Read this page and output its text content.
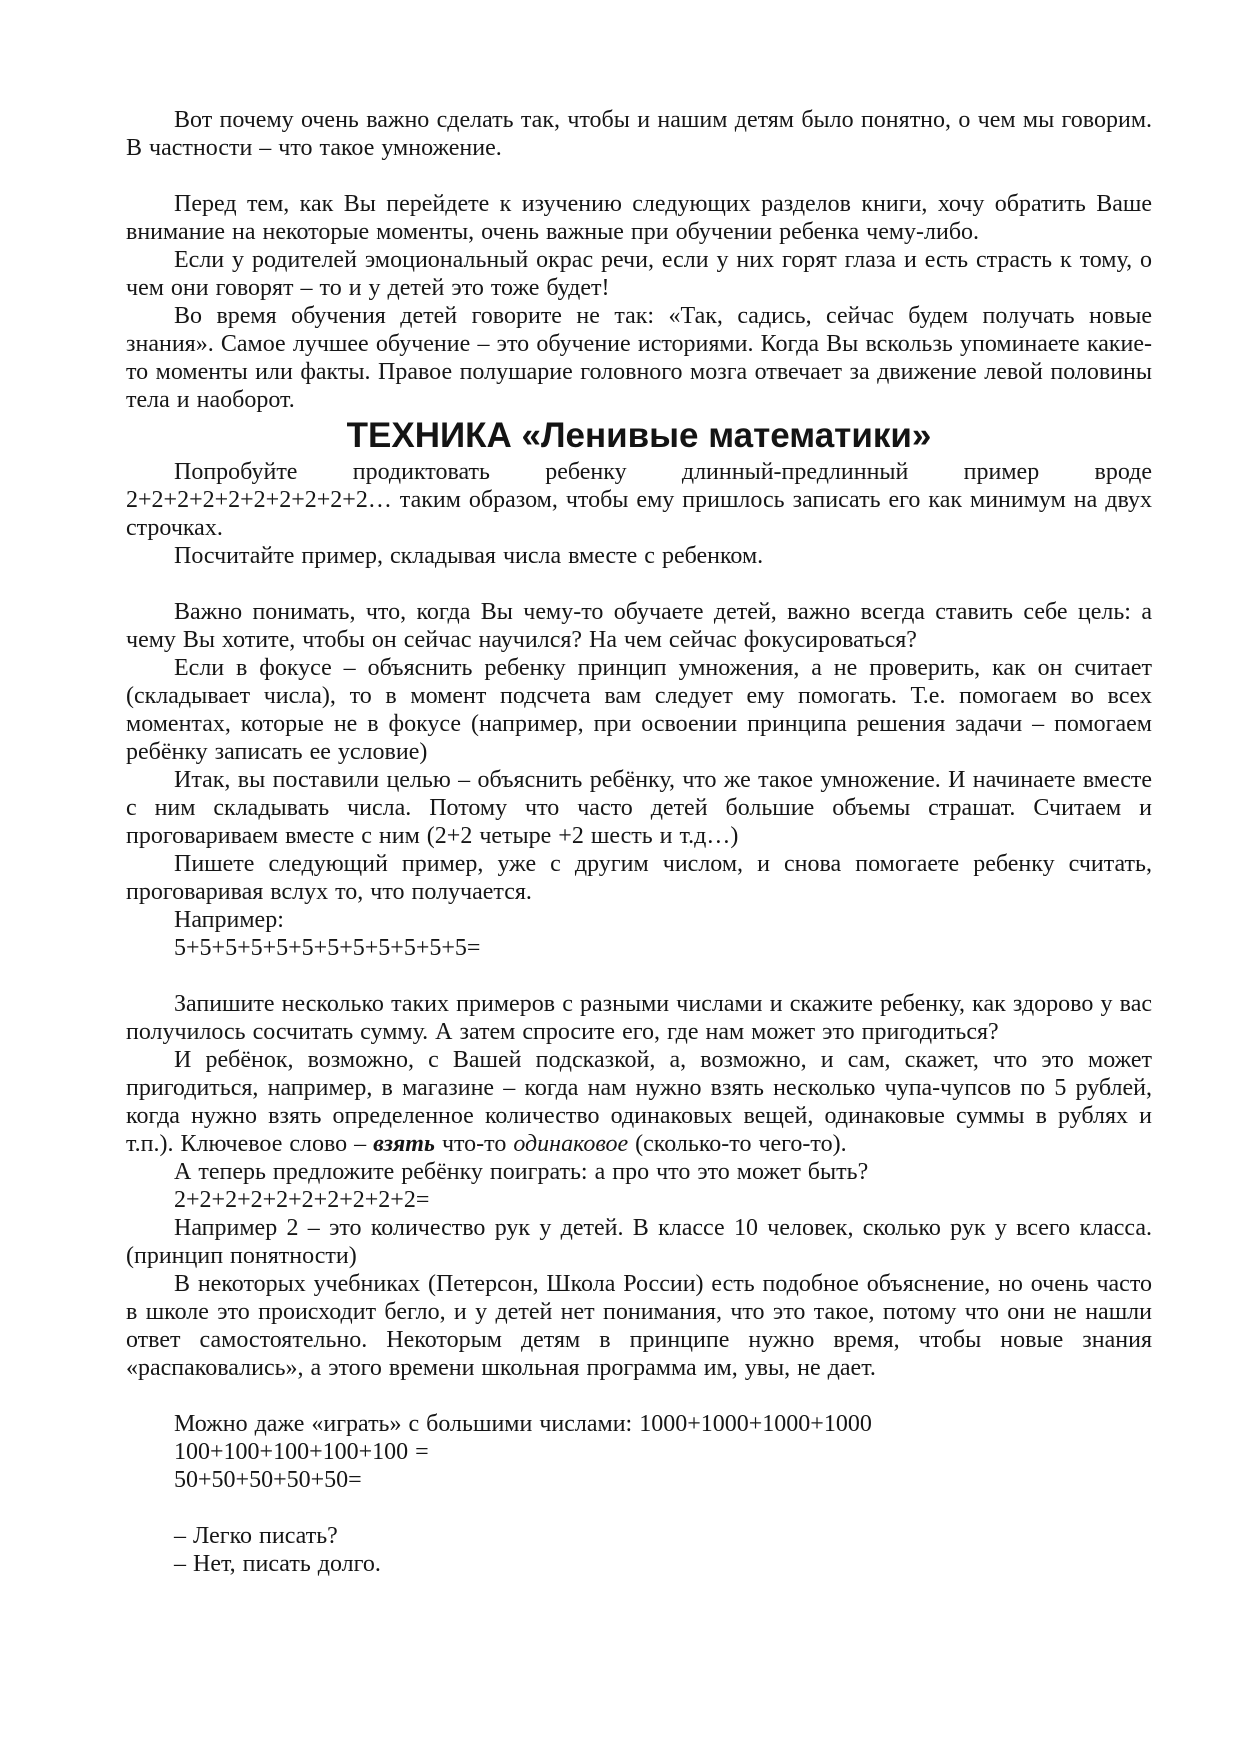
Вот почему очень важно сделать так, чтобы и нашим детям было понятно, о чем мы говорим. В частности – что такое умножение.

Перед тем, как Вы перейдете к изучению следующих разделов книги, хочу обратить Ваше внимание на некоторые моменты, очень важные при обучении ребенка чему-либо.

Если у родителей эмоциональный окрас речи, если у них горят глаза и есть страсть к тому, о чем они говорят – то и у детей это тоже будет!

Во время обучения детей говорите не так: «Так, садись, сейчас будем получать новые знания». Самое лучшее обучение – это обучение историями. Когда Вы вскользь упоминаете какие-то моменты или факты. Правое полушарие головного мозга отвечает за движение левой половины тела и наоборот.

ТЕХНИКА «Ленивые математики»

Попробуйте продиктовать ребенку длинный-предлинный пример вроде 2+2+2+2+2+2+2+2+2+2… таким образом, чтобы ему пришлось записать его как минимум на двух строчках.

Посчитайте пример, складывая числа вместе с ребенком.

Важно понимать, что, когда Вы чему-то обучаете детей, важно всегда ставить себе цель: а чему Вы хотите, чтобы он сейчас научился? На чем сейчас фокусироваться?

Если в фокусе – объяснить ребенку принцип умножения, а не проверить, как он считает (складывает числа), то в момент подсчета вам следует ему помогать. Т.е. помогаем во всех моментах, которые не в фокусе (например, при освоении принципа решения задачи – помогаем ребёнку записать ее условие)

Итак, вы поставили целью – объяснить ребёнку, что же такое умножение. И начинаете вместе с ним складывать числа. Потому что часто детей большие объемы страшат. Считаем и проговариваем вместе с ним (2+2 четыре +2 шесть и т.д…)

Пишете следующий пример, уже с другим числом, и снова помогаете ребенку считать, проговаривая вслух то, что получается.

Например:

5+5+5+5+5+5+5+5+5+5+5+5=

Запишите несколько таких примеров с разными числами и скажите ребенку, как здорово у вас получилось сосчитать сумму. А затем спросите его, где нам может это пригодиться?

И ребёнок, возможно, с Вашей подсказкой, а, возможно, и сам, скажет, что это может пригодиться, например, в магазине – когда нам нужно взять несколько чупа-чупсов по 5 рублей, когда нужно взять определенное количество одинаковых вещей, одинаковые суммы в рублях и т.п.). Ключевое слово – взять что-то одинаковое (сколько-то чего-то).

А теперь предложите ребёнку поиграть: а про что это может быть?

2+2+2+2+2+2+2+2+2+2=

Например 2 – это количество рук у детей. В классе 10 человек, сколько рук у всего класса. (принцип понятности)

В некоторых учебниках (Петерсон, Школа России) есть подобное объяснение, но очень часто в школе это происходит бегло, и у детей нет понимания, что это такое, потому что они не нашли ответ самостоятельно. Некоторым детям в принципе нужно время, чтобы новые знания «распаковались», а этого времени школьная программа им, увы, не дает.

Можно даже «играть» с большими числами: 1000+1000+1000+1000

100+100+100+100+100 =

50+50+50+50+50=

– Легко писать?

– Нет, писать долго.
